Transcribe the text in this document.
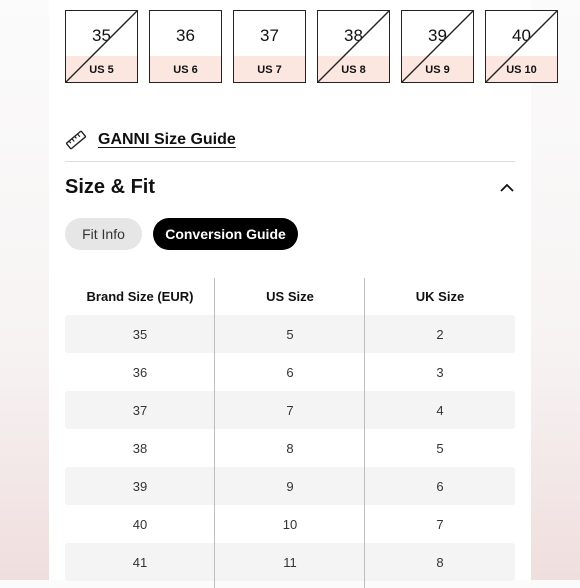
35
US 5
36
US 6
37
US 7
38
US 8
39
US 9
40
US 10
GANNI Size Guide
Size & Fit
Fit Info	Conversion Guide
Brand Size (EUR)	US Size	UK Size
35	5	2
36	6	3
37	7	4
38	8	5
39	9	6
40	10	7
41	11	8
